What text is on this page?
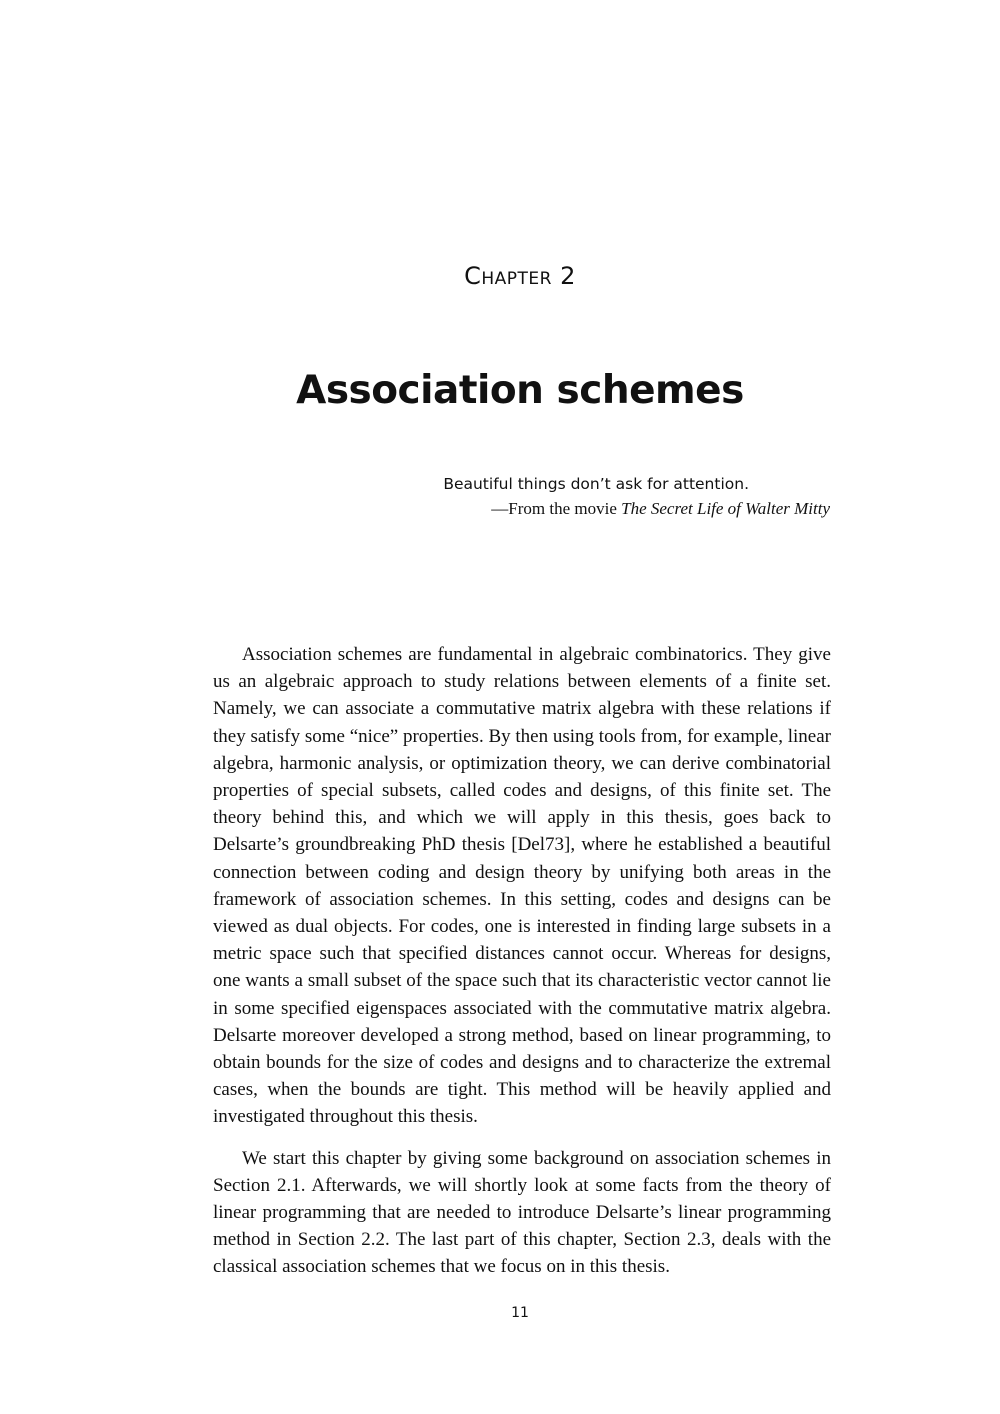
Chapter 2
Association schemes
Beautiful things don’t ask for attention.
—From the movie The Secret Life of Walter Mitty

Association schemes are fundamental in algebraic combinatorics. They give us an algebraic approach to study relations between elements of a finite set. Namely, we can associate a commutative matrix algebra with these relations if they satisfy some “nice” properties. By then using tools from, for example, linear algebra, harmonic analysis, or optimization theory, we can derive combinatorial properties of special subsets, called codes and designs, of this finite set. The theory behind this, and which we will apply in this thesis, goes back to Delsarte’s groundbreaking PhD thesis [Del73], where he established a beautiful connection between coding and design theory by unifying both areas in the framework of association schemes. In this setting, codes and designs can be viewed as dual objects. For codes, one is interested in finding large subsets in a metric space such that specified distances cannot occur. Whereas for designs, one wants a small subset of the space such that its characteristic vector cannot lie in some specified eigenspaces associated with the commutative matrix algebra. Delsarte moreover developed a strong method, based on linear programming, to obtain bounds for the size of codes and designs and to characterize the extremal cases, when the bounds are tight. This method will be heavily applied and investigated throughout this thesis.

We start this chapter by giving some background on association schemes in Section 2.1. Afterwards, we will shortly look at some facts from the theory of linear programming that are needed to introduce Delsarte’s linear programming method in Section 2.2. The last part of this chapter, Section 2.3, deals with the classical association schemes that we focus on in this thesis.

11
